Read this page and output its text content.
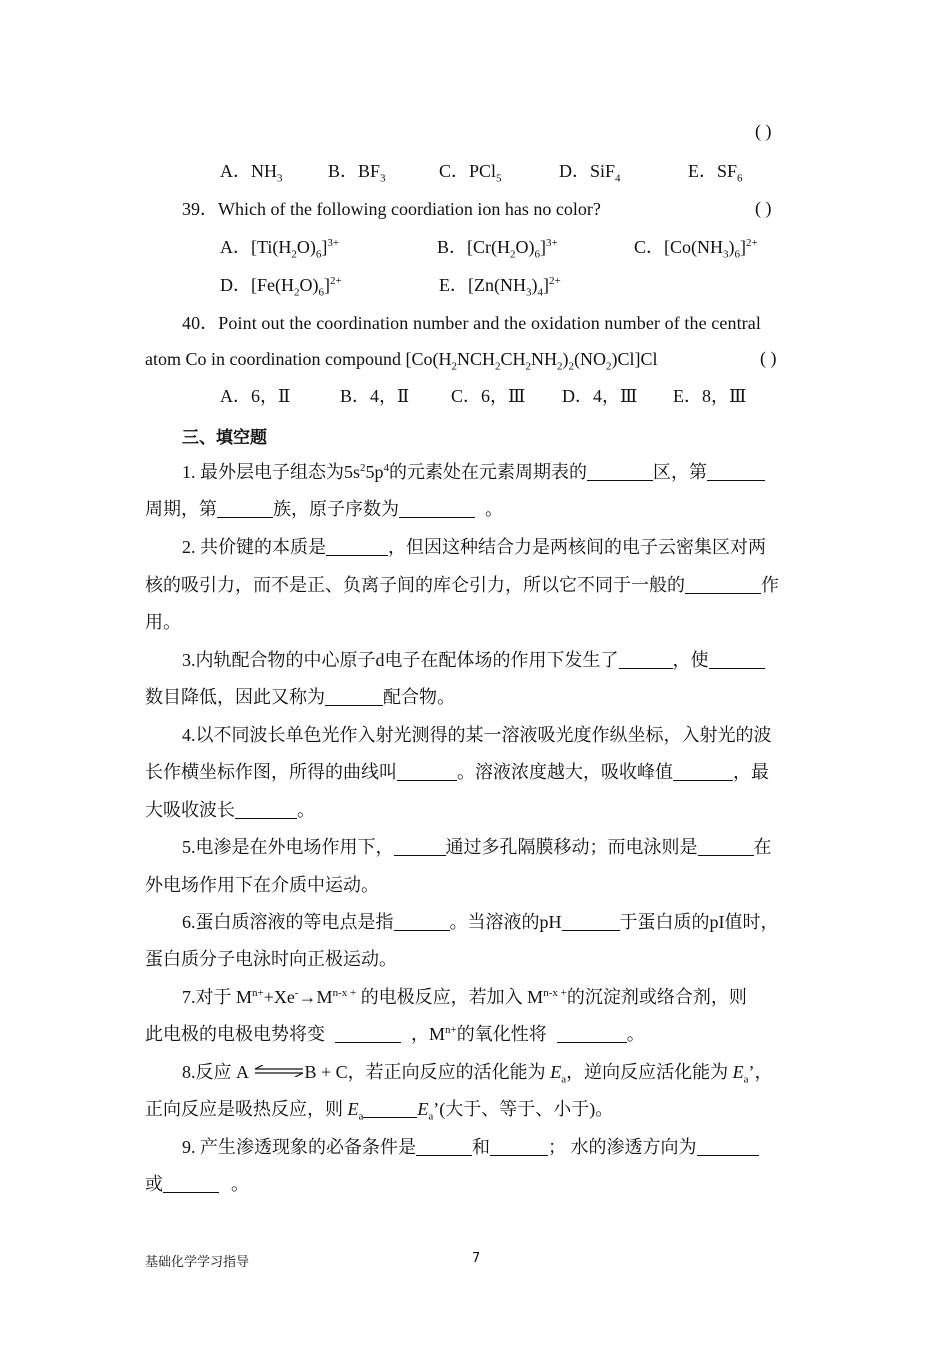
( )
A．$NH_3$	B．$BF_3$	C．PCl$_5$	D．SiF$_4$	E．$SF_6$
39．Which of the following coordiation ion has no color?	( )
A．$[Ti(H_2O)_6]^{3+}$	B．$[Cr(H_2O)_6]^{3+}$	C．$[Co(NH_3)_6]^{2+}$
D．$[Fe(H_2O)_6]^{2+}$	E．$[Zn(NH_3)_4]^{2+}$
40．Point out the coordination number and the oxidation number of the central
atom Co in coordination compound $[Co(H_2NCH_2CH_2NH_2)_2(NO_2)Cl]Cl$	( )
A．6，Ⅱ	B．4，Ⅱ C．6，Ⅲ D．4，Ⅲ E．8，Ⅲ
三、填空题
1. 最外层电子组态为$5s^25p^4$的元素处在元素周期表的	区，第
周期，第	族，原子序数为	。
2. 共价键的本质是	，但因这种结合力是两核间的电子云密集区对两
核的吸引力，而不是正、负离子间的库仑引力，所以它不同于一般的	作
用。
3.内轨配合物的中心原子d电子在配体场的作用下发生了	，使
数目降低，因此又称为	配合物。
4.以不同波长单色光作入射光测得的某一溶液吸光度作纵坐标，入射光的波
长作横坐标作图，所得的曲线叫	。溶液浓度越大，吸收峰值	，最
大吸收波长	。
5.电渗是在外电场作用下，	通过多孔隔膜移动；而电泳则是	在
外电场作用下在介质中运动。
6.蛋白质溶液的等电点是指	。当溶液的pH	于蛋白质的pI值时，
蛋白质分子电泳时向正极运动。
7.对于 $M^{n+}+Xe^-\to M^{n-x +}$ 的电极反应，若加入 $M^{n-x +}$的沉淀剂或络合剂，则
此电极的电极电势将变	，$M^{n+}$的氧化性将	。
8.反应 A ⇌B + C，若正向反应的活化能为 $E_a$，逆向反应活化能为 $E_a$’，
正向反应是吸热反应，则 $E_a$	$E_a$’(大于、等于、小于)。
9. 产生渗透现象的必备条件是	和	； 水的渗透方向为
或	。
基础化学学习指导	7
